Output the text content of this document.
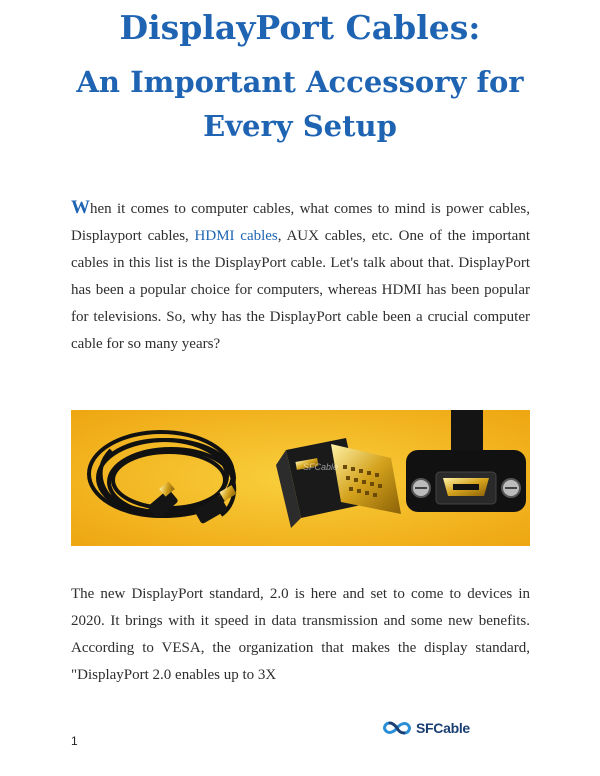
DisplayPort Cables:
An Important Accessory for
Every Setup

When it comes to computer cables, what comes to mind is power cables, Displayport cables, HDMI cables, AUX cables, etc. One of the important cables in this list is the DisplayPort cable. Let's talk about that. DisplayPort has been a popular choice for computers, whereas HDMI has been popular for televisions. So, why has the DisplayPort cable been a crucial computer cable for so many years?

SFCable

The new DisplayPort standard, 2.0 is here and set to come to devices in 2020. It brings with it speed in data transmission and some new benefits. According to VESA, the organization that makes the display standard, "DisplayPort 2.0 enables up to 3X

SFCable
1
